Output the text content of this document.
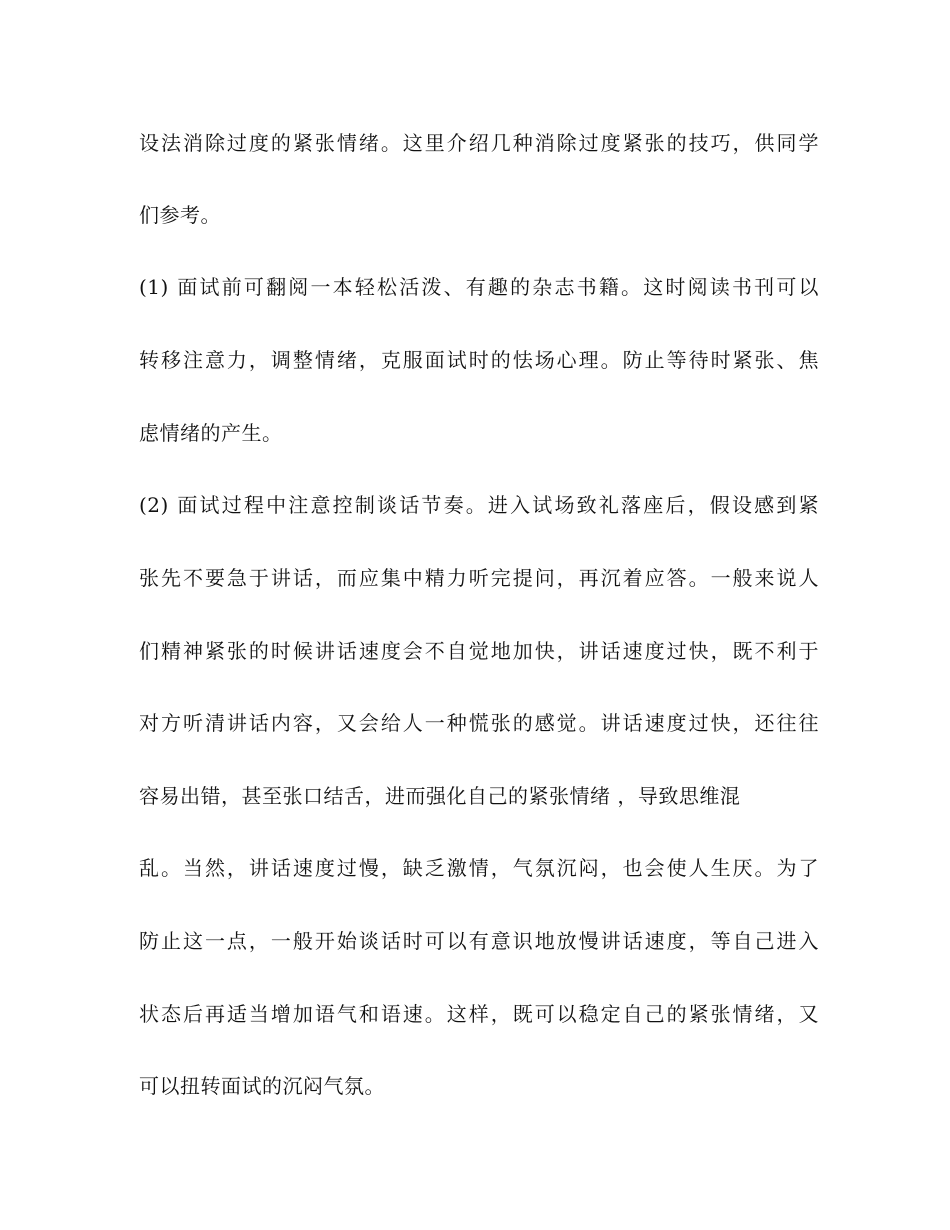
设法消除过度的紧张情绪。这里介绍几种消除过度紧张的技巧，供同学
们参考。
(1) 面试前可翻阅一本轻松活泼、有趣的杂志书籍。这时阅读书刊可以
转移注意力，调整情绪，克服面试时的怯场心理。防止等待时紧张、焦
虑情绪的产生。
(2) 面试过程中注意控制谈话节奏。进入试场致礼落座后，假设感到紧
张先不要急于讲话，而应集中精力听完提问，再沉着应答。一般来说人
们精神紧张的时候讲话速度会不自觉地加快，讲话速度过快，既不利于
对方听清讲话内容，又会给人一种慌张的感觉。讲话速度过快，还往往
容易出错，甚至张口结舌，进而强化自己的紧张情绪 ，导致思维混
乱。当然，讲话速度过慢，缺乏激情，气氛沉闷，也会使人生厌。为了
防止这一点，一般开始谈话时可以有意识地放慢讲话速度，等自己进入
状态后再适当增加语气和语速。这样，既可以稳定自己的紧张情绪，又
可以扭转面试的沉闷气氛。
